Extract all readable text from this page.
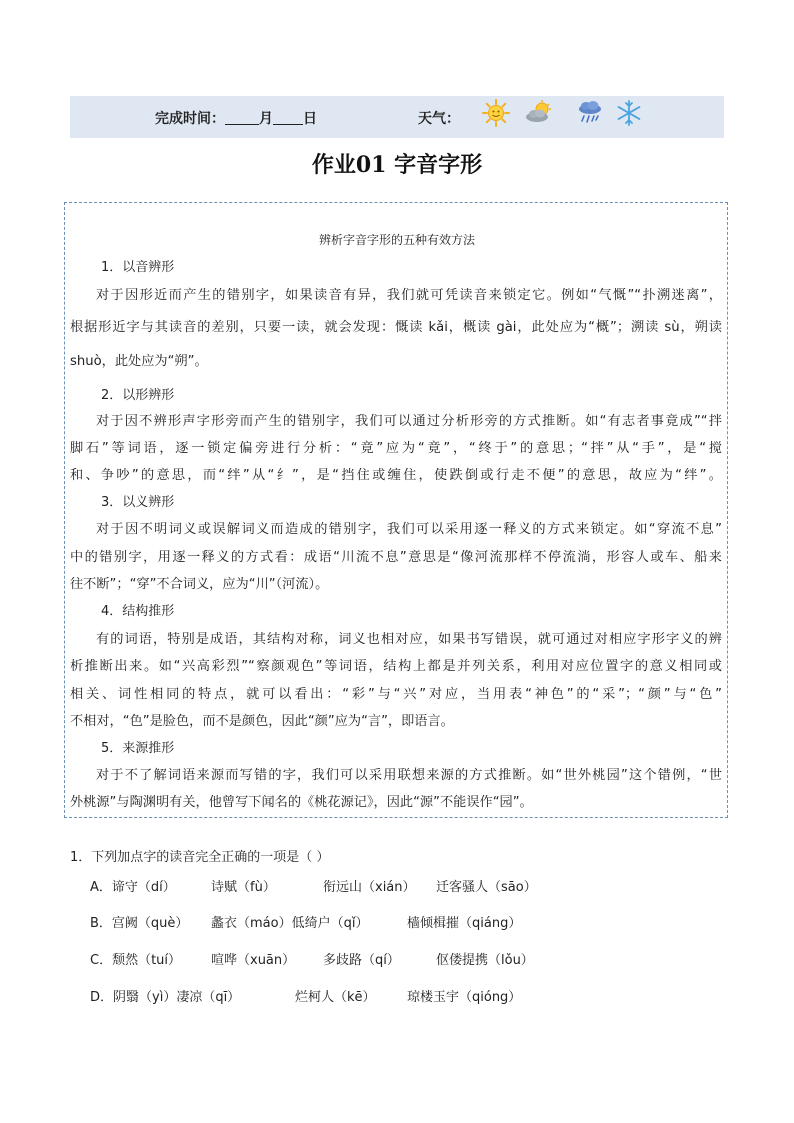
完成时间： 月 日	天气：
作业01 字音字形
辨析字音字形的五种有效方法
1．以音辨形
对于因形近而产生的错别字，如果读音有异，我们就可凭读音来锁定它。例如“气慨”“扑溯迷离”，
根据形近字与其读音的差别，只要一读，就会发现：慨读 kǎi，概读 gài，此处应为“概”；溯读 sù，朔读
shuò，此处应为“朔”。
2．以形辨形
对于因不辨形声字形旁而产生的错别字，我们可以通过分析形旁的方式推断。如“有志者事竟成”“拌
脚石”等词语，逐一锁定偏旁进行分析：“竟”应为“竟”，“终于”的意思；“拌”从“手”，是“搅
和、争吵”的意思，而“绊”从“纟”，是“挡住或缠住，使跌倒或行走不便”的意思，故应为“绊”。
3．以义辨形
对于因不明词义或误解词义而造成的错别字，我们可以采用逐一释义的方式来锁定。如“穿流不息”
中的错别字，用逐一释义的方式看：成语“川流不息”意思是“像河流那样不停流淌，形容人或车、船来
往不断”；“穿”不合词义，应为“川”（河流）。
4．结构推形
有的词语，特别是成语，其结构对称，词义也相对应，如果书写错误，就可通过对相应字形字义的辨
析推断出来。如“兴高彩烈”“察颜观色”等词语，结构上都是并列关系，利用对应位置字的意义相同或
相关、词性相同的特点，就可以看出：“彩”与“兴”对应，当用表“神色”的“采”；“颜”与“色”
不相对，“色”是脸色，而不是颜色，因此“颜”应为“言”，即语言。
5．来源推形
对于不了解词语来源而写错的字，我们可以采用联想来源的方式推断。如“世外桃园”这个错例，“世
外桃源”与陶渊明有关，他曾写下闻名的《桃花源记》，因此“源”不能误作“园”。
1．下列加点字的读音完全正确的一项是（ ）
A．谛守（dí）	诗赋（fù）	衔远山（xián） 迁客骚人（sāo）
B．宫阙（què） 蠡衣（máo）低绮户（qǐ）	樯倾楫摧（qiáng）
C．颓然（tuí） 喧哗（xuān） 多歧路（qí）	伛偻提携（lǒu）
D．阴翳（yì）凄凉（qī）	烂柯人（kē） 琼楼玉宇（qióng）
